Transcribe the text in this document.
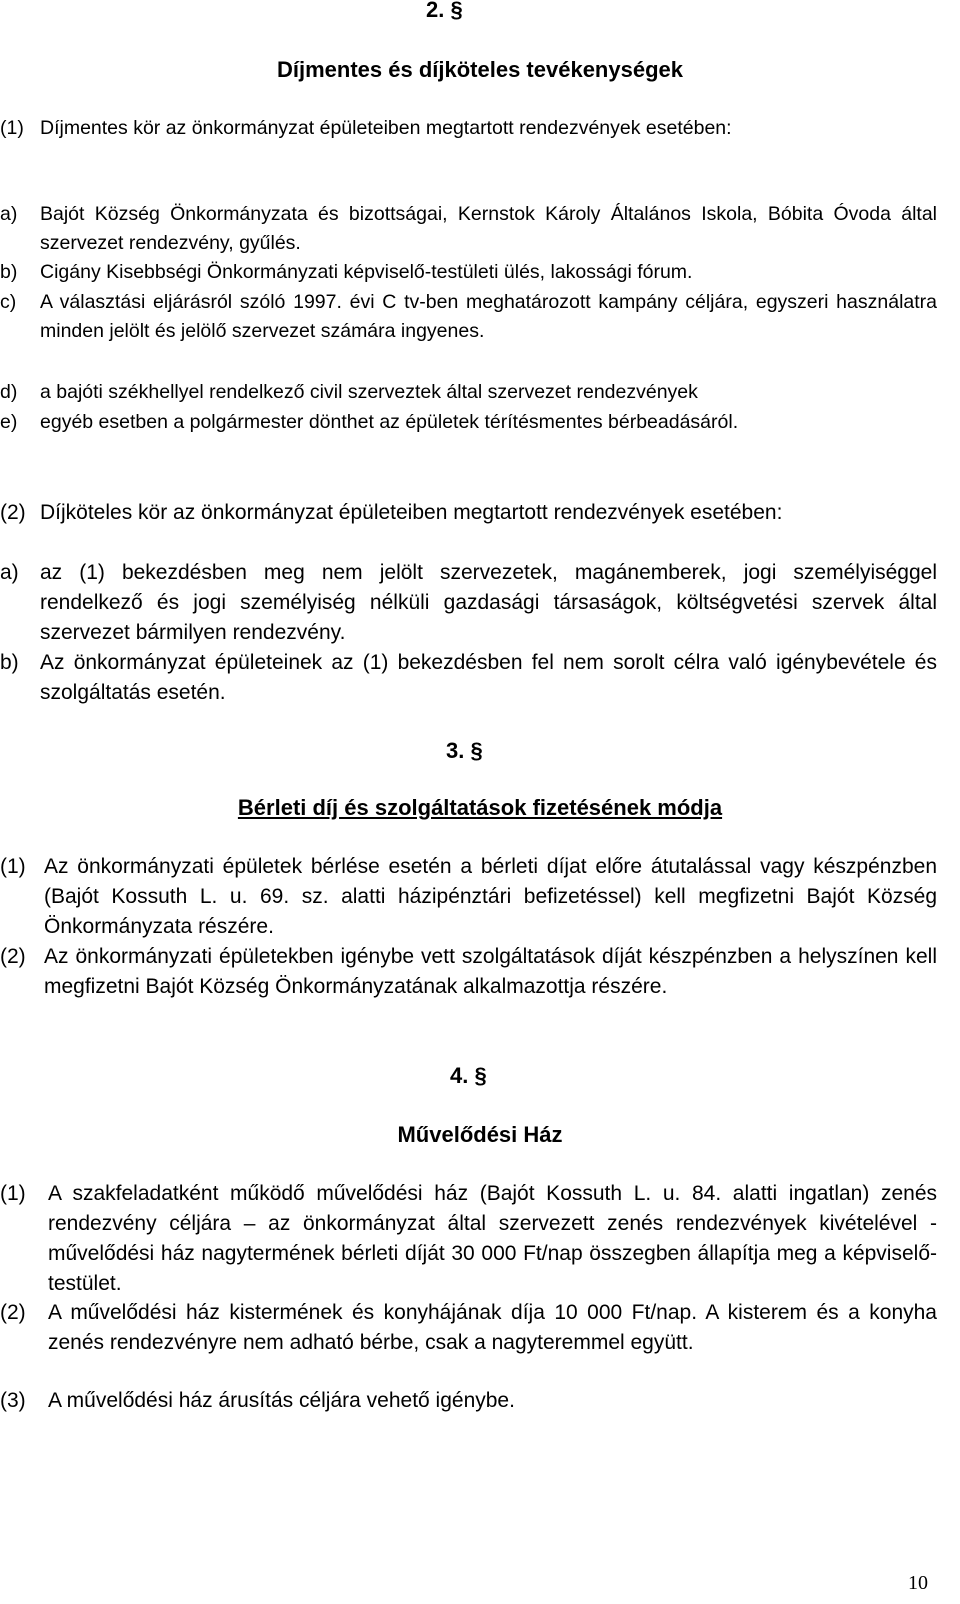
2. §
Díjmentes és díjköteles tevékenységek
(1) Díjmentes kör az önkormányzat épületeiben megtartott rendezvények esetében:
a) Bajót Község Önkormányzata és bizottságai, Kernstok Károly Általános Iskola, Bóbita Óvoda által szervezet rendezvény, gyűlés.
b) Cigány Kisebbségi Önkormányzati képviselő-testületi ülés, lakossági fórum.
c) A választási eljárásról szóló 1997. évi C tv-ben meghatározott kampány céljára, egyszeri használatra minden jelölt és jelölő szervezet számára ingyenes.
d) a bajóti székhellyel rendelkező civil szerveztek által szervezet rendezvények
e) egyéb esetben a polgármester dönthet az épületek térítésmentes bérbeadásáról.
(2) Díjköteles kör az önkormányzat épületeiben megtartott rendezvények esetében:
a) az (1) bekezdésben meg nem jelölt szervezetek, magánemberek, jogi személyiséggel rendelkező és jogi személyiség nélküli gazdasági társaságok, költségvetési szervek által szervezet bármilyen rendezvény.
b) Az önkormányzat épületeinek az (1) bekezdésben fel nem sorolt célra való igénybevétele és szolgáltatás esetén.
3. §
Bérleti díj és szolgáltatások fizetésének módja
(1) Az önkormányzati épületek bérlése esetén a bérleti díjat előre átutalással vagy készpénzben (Bajót Kossuth L. u. 69. sz. alatti házipénztári befizetéssel) kell megfizetni Bajót Község Önkormányzata részére.
(2) Az önkormányzati épületekben igénybe vett szolgáltatások díját készpénzben a helyszínen kell megfizetni Bajót Község Önkormányzatának alkalmazottja részére.
4. §
Művelődési Ház
(1) A szakfeladatként működő művelődési ház (Bajót Kossuth L. u. 84. alatti ingatlan) zenés rendezvény céljára – az önkormányzat által szervezett zenés rendezvények kivételével - művelődési ház nagytermének bérleti díját 30 000 Ft/nap összegben állapítja meg a képviselő-testület.
(2) A művelődési ház kistermének és konyhájának díja 10 000 Ft/nap. A kisterem és a konyha zenés rendezvényre nem adható bérbe, csak a nagyteremmel együtt.
(3) A művelődési ház árusítás céljára vehető igénybe.
10
